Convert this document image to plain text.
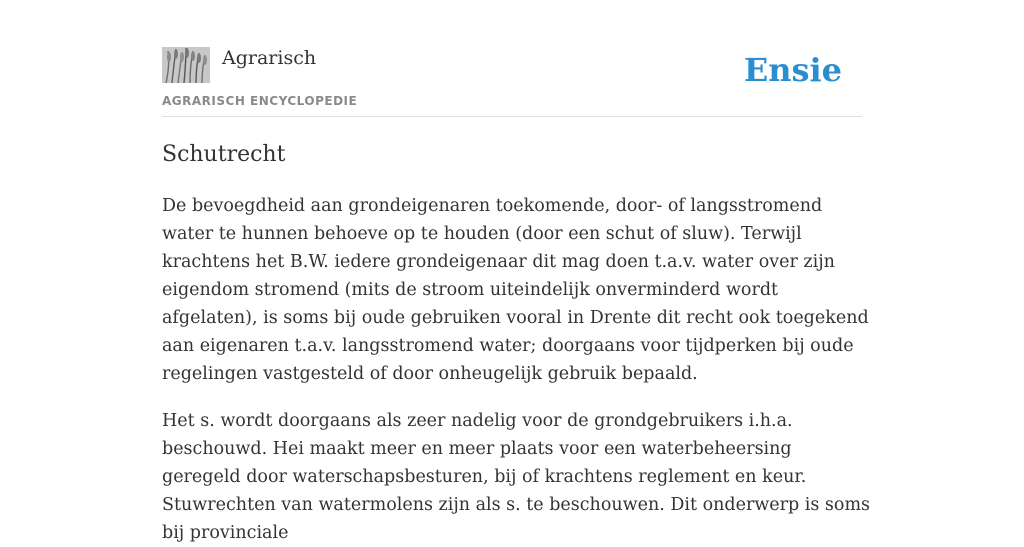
Agrarisch
AGRARISCH ENCYCLOPEDIE
Ensie
Schutrecht

De bevoegdheid aan grondeigenaren toekomende, door- of langsstromend water te hunnen behoeve op te houden (door een schut of sluw). Terwijl krachtens het B.W. iedere grondeigenaar dit mag doen t.a.v. water over zijn eigendom stromend (mits de stroom uiteindelijk onverminderd wordt afgelaten), is soms bij oude gebruiken vooral in Drente dit recht ook toegekend aan eigenaren t.a.v. langsstromend water; doorgaans voor tijdperken bij oude regelingen vastgesteld of door onheugelijk gebruik bepaald.

Het s. wordt doorgaans als zeer nadelig voor de grondgebruikers i.h.a. beschouwd. Hei maakt meer en meer plaats voor een waterbeheersing geregeld door waterschapsbesturen, bij of krachtens reglement en keur. Stuwrechten van watermolens zijn als s. te beschouwen. Dit onderwerp is soms bij provinciale
